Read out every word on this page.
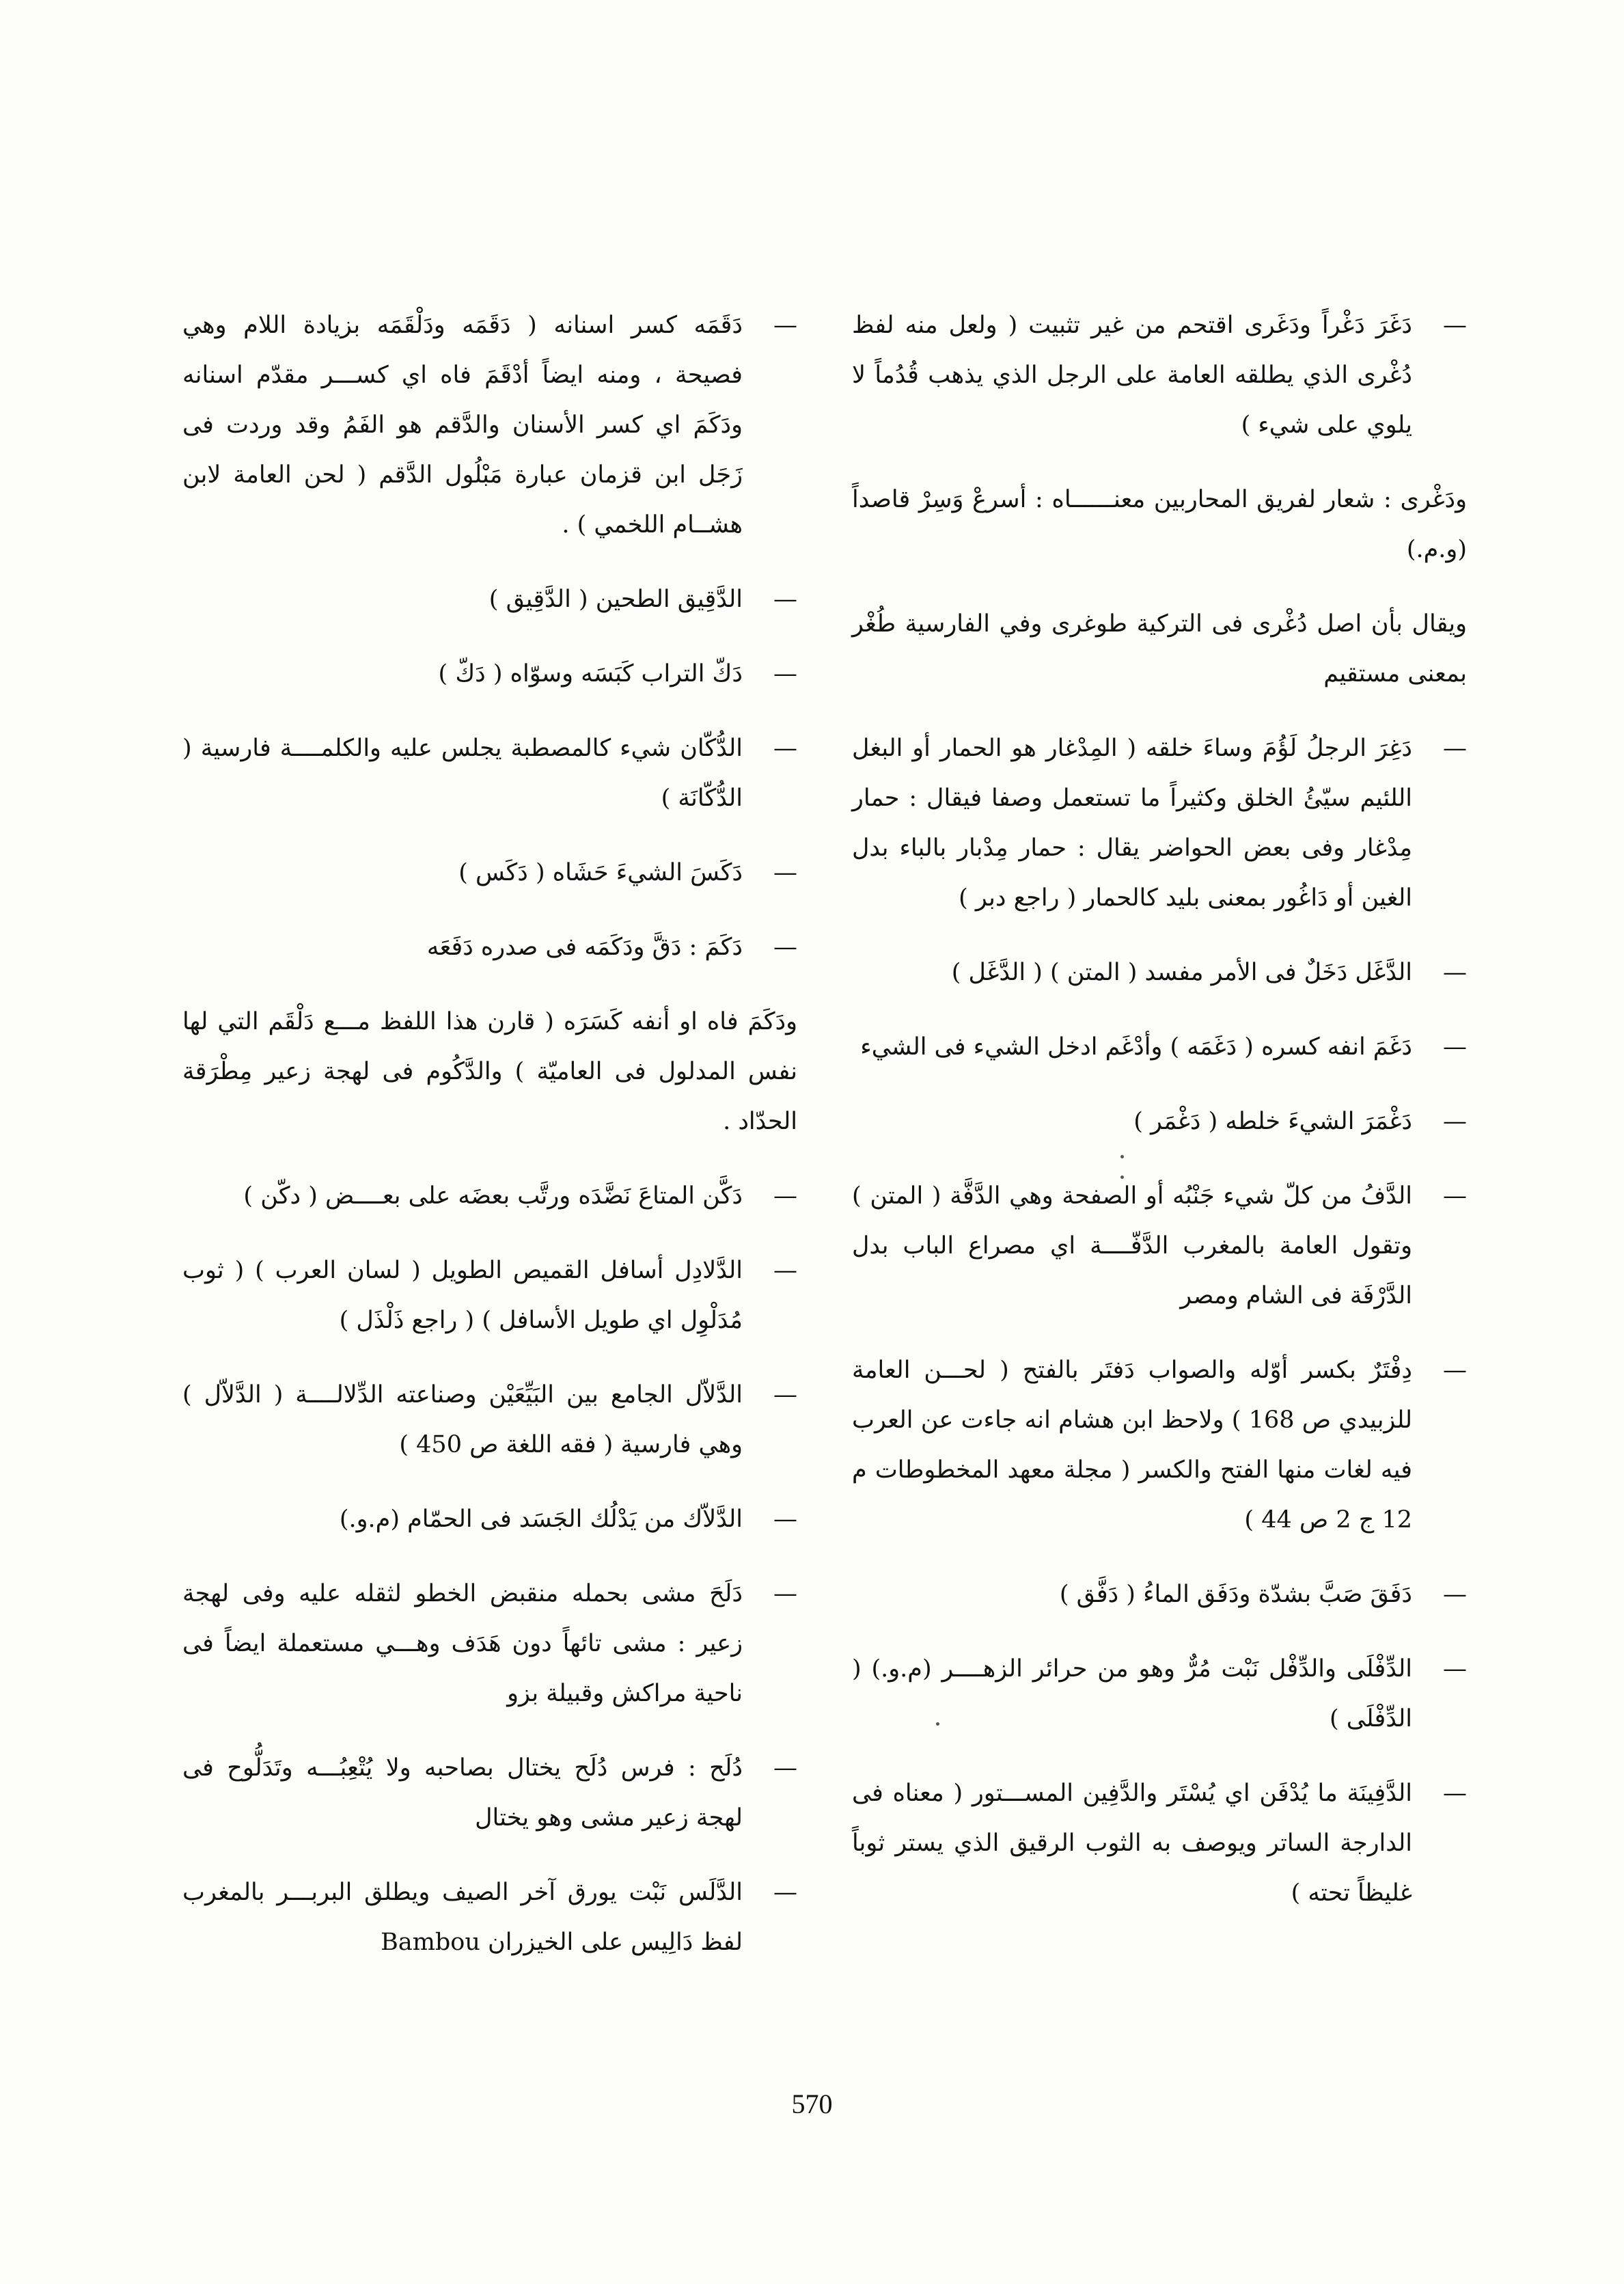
—
دَغَرَ دَغْراً ودَغَرى اقتحم من غير تثبيت ( ولعل منه لفظ دُغْرى الذي يطلقه العامة على الرجل الذي يذهب قُدُماً لا يلوي على شيء )
ودَغْرى : شعار لفريق المحاربين معنــــــاه : أسرعْ وَسِرْ قاصداً (و.م.)
ويقال بأن اصل دُغْرى فى التركية طوغرى وفي الفارسية طُغْر بمعنى مستقيم
—
دَغِرَ الرجلُ لَؤُمَ وساءَ خلقه ( المِدْغار هو الحمار أو البغل اللئيم سيّئُ الخلق وكثيراً ما تستعمل وصفا فيقال : حمار مِدْغار وفى بعض الحواضر يقال : حمار مِدْبار بالباء بدل الغين أو دَاغُور بمعنى بليد كالحمار ( راجع دبر )
—
الدَّغَل دَخَلٌ فى الأمر مفسد ( المتن ) ( الدَّغَل )
—
دَغَمَ انفه كسره ( دَغَمَه ) وأدْغَم ادخل الشيء فى الشيء
—
دَغْمَرَ الشيءَ خلطه ( دَغْمَر )
—
الدَّفُ من كلّ شيء جَنْبُه أو الصفحة وهي الدَّفَّة ( المتن ) وتقول العامة بالمغرب الدَّفّــــة اي مصراع الباب بدل الدَّرْفَة فى الشام ومصر
—
دِفْتَرٌ بكسر أوّله والصواب دَفتَر بالفتح ( لحـــن العامة للزبيدي ص 168 ) ولاحظ ابن هشام انه جاءت عن العرب فيه لغات منها الفتح والكسر ( مجلة معهد المخطوطات م 12 ج 2 ص 44 )
—
دَفَقَ صَبَّ بشدّة ودَفَق الماءُ ( دَفَّق )
—
الدِّفْلَى والدِّفْل نَبْت مُرٌّ وهو من حرائر الزهــــر (م.و.) ( الدِّفْلَى )
—
الدَّفِينَة ما يُدْفَن اي يُسْتَر والدَّفِين المســـتور ( معناه فى الدارجة الساتر ويوصف به الثوب الرقيق الذي يستر ثوباً غليظاً تحته )
—
دَقَمَه كسر اسنانه ( دَقَمَه ودَلْقَمَه بزيادة اللام وهي فصيحة ، ومنه ايضاً أدْقَمَ فاه اي كســـر مقدّم اسنانه ودَكَمَ اي كسر الأسنان والدَّقم هو الفَمُ وقد وردت فى زَجَل ابن قزمان عبارة مَبْلُول الدَّقم ( لحن العامة لابن هشــام اللخمي ) .
—
الدَّقِيق الطحين ( الدَّقِيق )
—
دَكّ التراب كَبَسَه وسوّاه ( دَكّ )
—
الدُّكّان شيء كالمصطبة يجلس عليه والكلمــــة فارسية ( الدُّكّانَة )
—
دَكَسَ الشيءَ حَشَاه ( دَكَس )
—
دَكَمَ : دَقَّ ودَكَمَه فى صدره دَفَعَه
ودَكَمَ فاه او أنفه كَسَرَه ( قارن هذا اللفظ مـــع دَلْقَم التي لها نفس المدلول فى العاميّة ) والدَّكُوم فى لهجة زعير مِطْرَقة الحدّاد .
—
دَكَّن المتاعَ نَضَّدَه ورتَّب بعضَه على بعــــض ( دكّن )
—
الدَّلادِل أسافل القميص الطويل ( لسان العرب ) ( ثوب مُدَلْوِل اي طويل الأسافل ) ( راجع ذَلْذَل )
—
الدَّلاّل الجامع بين البَيِّعَيْن وصناعته الدِّلالــــة ( الدَّلاّل ) وهي فارسية ( فقه اللغة ص 450 )
—
الدَّلاّك من يَدْلُك الجَسَد فى الحمّام (م.و.)
—
دَلَحَ مشى بحمله منقبض الخطو لثقله عليه وفى لهجة زعير : مشى تائهاً دون هَدَف وهـــي مستعملة ايضاً فى ناحية مراكش وقبيلة بزو
—
دُلَح : فرس دُلَح يختال بصاحبه ولا يُتْعِبُـــه وتَدَلُّوح فى لهجة زعير مشى وهو يختال
—
الدَّلَس نَبْت يورق آخر الصيف ويطلق البربـــر بالمغرب لفظ دَالِيس على الخيزران Bambou
570
